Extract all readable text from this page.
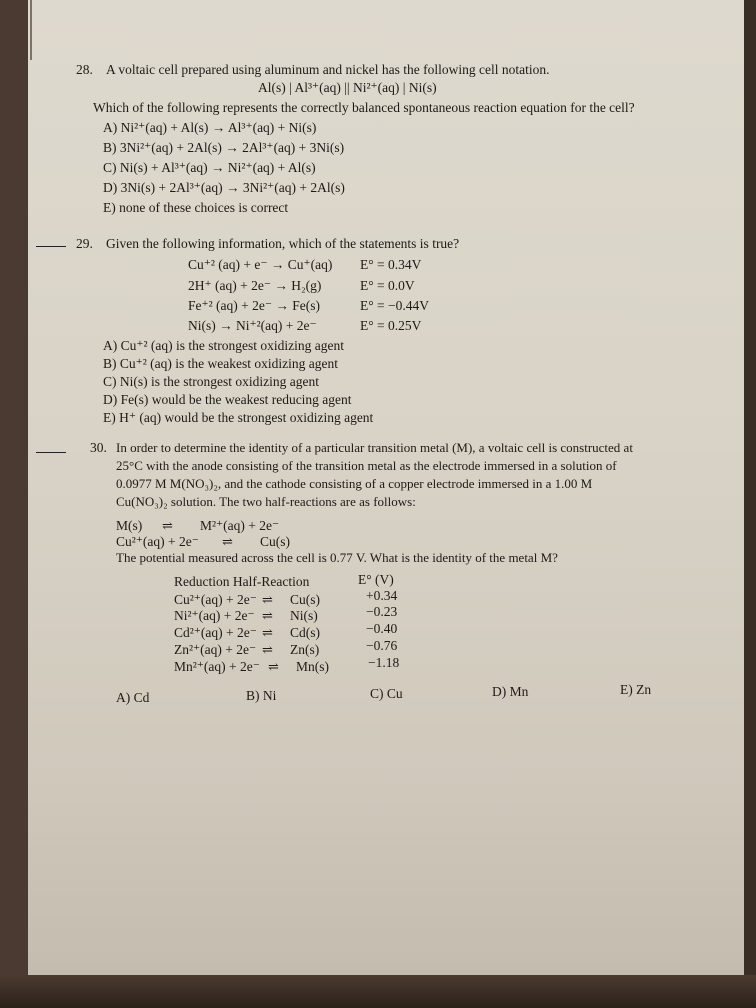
28. A voltaic cell prepared using aluminum and nickel has the following cell notation.
Al(s) | Al³⁺(aq) || Ni²⁺(aq) | Ni(s)
Which of the following represents the correctly balanced spontaneous reaction equation for the cell?
A) Ni²⁺(aq) + Al(s) → Al³⁺(aq) + Ni(s)
B) 3Ni²⁺(aq) + 2Al(s) → 2Al³⁺(aq) + 3Ni(s)
C) Ni(s) + Al³⁺(aq) → Ni²⁺(aq) + Al(s)
D) 3Ni(s) + 2Al³⁺(aq) → 3Ni²⁺(aq) + 2Al(s)
E) none of these choices is correct
29. Given the following information, which of the statements is true?
Cu⁺² (aq) + e⁻ → Cu⁺(aq) E° = 0.34V
2H⁺ (aq) + 2e⁻ → H₂(g)	E° = 0.0V
Fe⁺² (aq) + 2e⁻ → Fe(s)	E° = −0.44V
Ni(s) → Ni⁺²(aq) + 2e⁻	E° = 0.25V
A) Cu⁺² (aq) is the strongest oxidizing agent
B) Cu⁺² (aq) is the weakest oxidizing agent
C) Ni(s) is the strongest oxidizing agent
D) Fe(s) would be the weakest reducing agent
E) H⁺ (aq) would be the strongest oxidizing agent
30. In order to determine the identity of a particular transition metal (M), a voltaic cell is constructed at
25°C with the anode consisting of the transition metal as the electrode immersed in a solution of
0.0977 M M(NO₃)₂, and the cathode consisting of a copper electrode immersed in a 1.00 M
Cu(NO₃)₂ solution. The two half-reactions are as follows:
M(s) ⇌ M²⁺(aq) + 2e⁻
Cu²⁺(aq) + 2e⁻ ⇌ Cu(s)
The potential measured across the cell is 0.77 V. What is the identity of the metal M?
Reduction Half-Reaction	E° (V)
Cu²⁺(aq) + 2e⁻ ⇌ Cu(s)	+0.34
Ni²⁺(aq) + 2e⁻ ⇌ Ni(s)	−0.23
Cd²⁺(aq) + 2e⁻ ⇌ Cd(s)	−0.40
Zn²⁺(aq) + 2e⁻ ⇌ Zn(s)	−0.76
Mn²⁺(aq) + 2e⁻ ⇌ Mn(s)	−1.18
A) Cd	B) Ni	C) Cu	D) Mn	E) Zn
